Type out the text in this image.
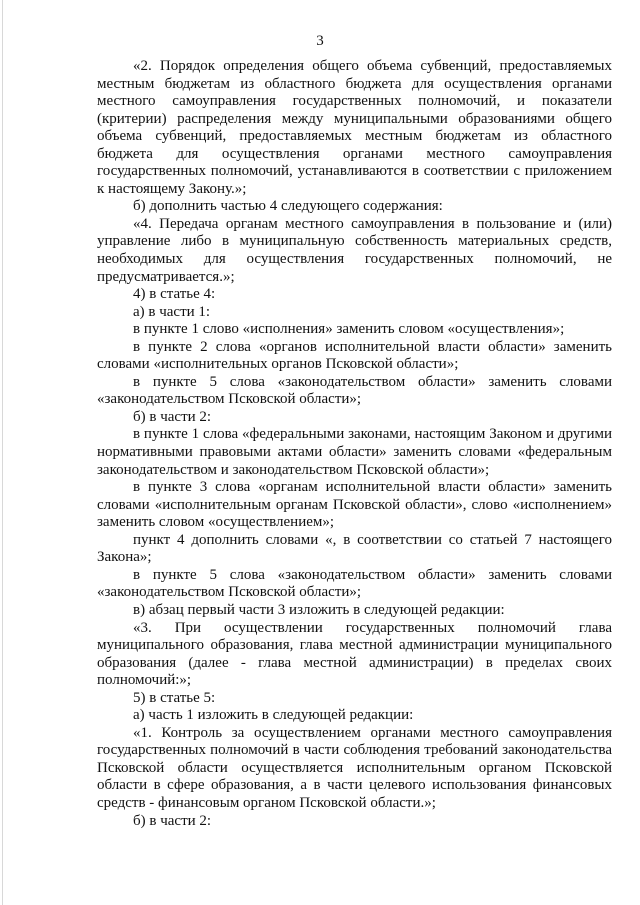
3

«2. Порядок определения общего объема субвенций, предоставляемых местным бюджетам из областного бюджета для осуществления органами местного самоуправления государственных полномочий, и показатели (критерии) распределения между муниципальными образованиями общего объема субвенций, предоставляемых местным бюджетам из областного бюджета для осуществления органами местного самоуправления государственных полномочий, устанавливаются в соответствии с приложением к настоящему Закону.»;

б) дополнить частью 4 следующего содержания:

«4. Передача органам местного самоуправления в пользование и (или) управление либо в муниципальную собственность материальных средств, необходимых для осуществления государственных полномочий, не предусматривается.»;

4) в статье 4:

а) в части 1:

в пункте 1 слово «исполнения» заменить словом «осуществления»;

в пункте 2 слова «органов исполнительной власти области» заменить словами «исполнительных органов Псковской области»;

в пункте 5 слова «законодательством области» заменить словами «законодательством Псковской области»;

б) в части 2:

в пункте 1 слова «федеральными законами, настоящим Законом и другими нормативными правовыми актами области» заменить словами «федеральным законодательством и законодательством Псковской области»;

в пункте 3 слова «органам исполнительной власти области» заменить словами «исполнительным органам Псковской области», слово «исполнением» заменить словом «осуществлением»;

пункт 4 дополнить словами «, в соответствии со статьей 7 настоящего Закона»;

в пункте 5 слова «законодательством области» заменить словами «законодательством Псковской области»;

в) абзац первый части 3 изложить в следующей редакции:

«3. При осуществлении государственных полномочий глава муниципального образования, глава местной администрации муниципального образования (далее - глава местной администрации) в пределах своих полномочий:»;

5) в статье 5:

а) часть 1 изложить в следующей редакции:

«1. Контроль за осуществлением органами местного самоуправления государственных полномочий в части соблюдения требований законодательства Псковской области осуществляется исполнительным органом Псковской области в сфере образования, а в части целевого использования финансовых средств - финансовым органом Псковской области.»;

б) в части 2:
